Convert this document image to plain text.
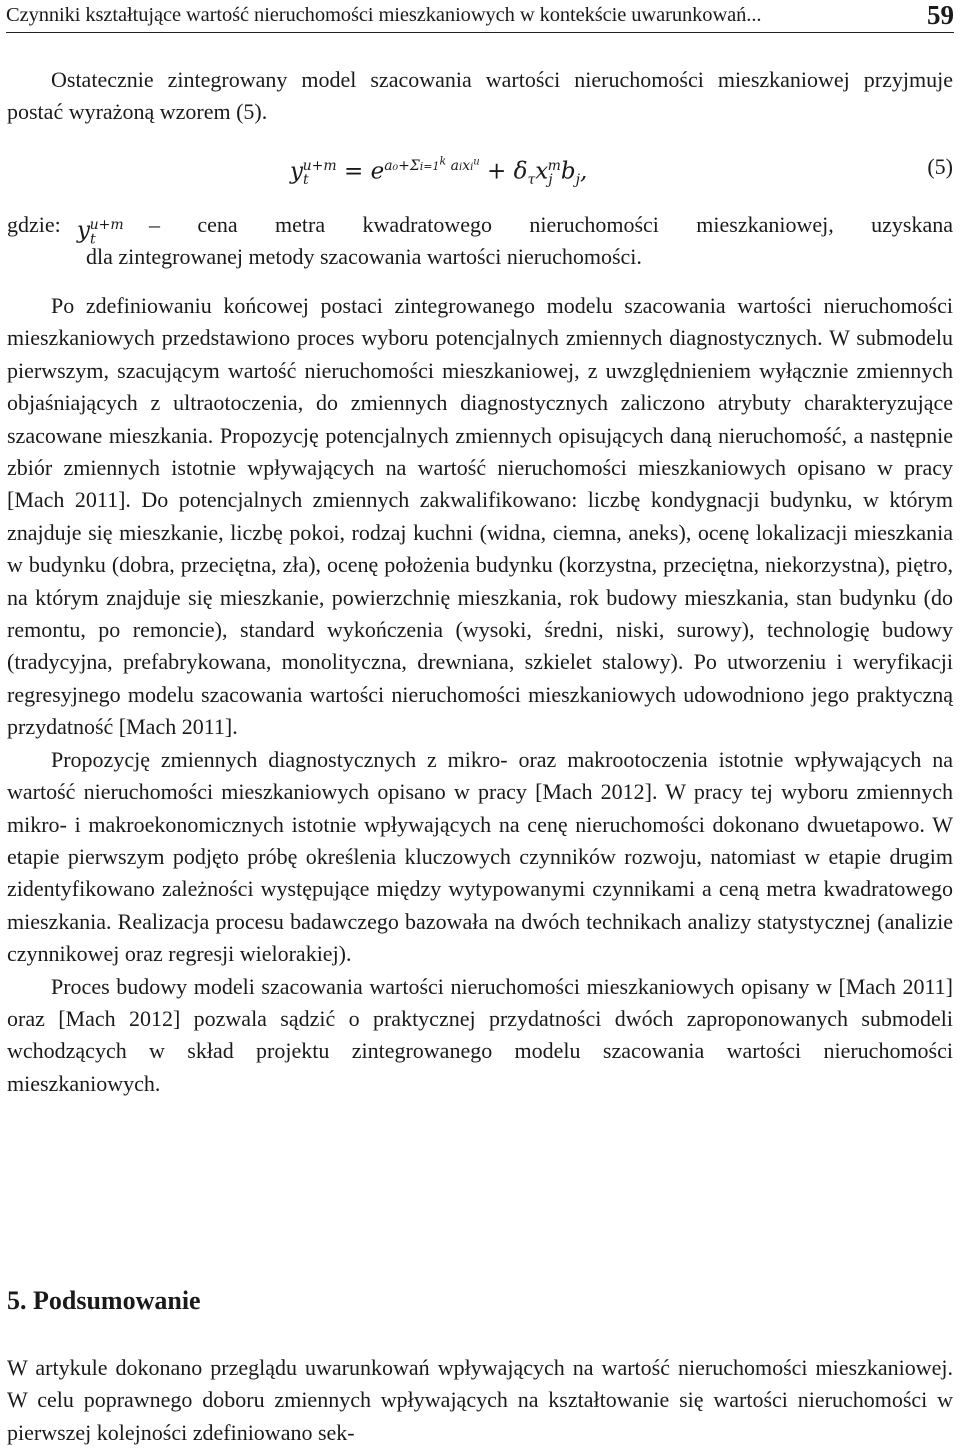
Czynniki kształtujące wartość nieruchomości mieszkaniowych w kontekście uwarunkowań...	59

Ostatecznie zintegrowany model szacowania wartości nieruchomości mieszkaniowej przyjmuje postać wyrażoną wzorem (5).

$y_t^{u+m} = e^{a_0+\Sigma i=1^k aixi^u} + \delta_\tau x_j^mb_j$,	(5)
gdzie: $y_t^{u+m}$ – cena metra kwadratowego nieruchomości mieszkaniowej, uzyskana
dla zintegrowanej metody szacowania wartości nieruchomości.

Po zdefiniowaniu końcowej postaci zintegrowanego modelu szacowania wartości nieruchomości mieszkaniowych przedstawiono proces wyboru potencjalnych zmiennych diagnostycznych. W submodelu pierwszym, szacującym wartość nieruchomości mieszkaniowej, z uwzględnieniem wyłącznie zmiennych objaśniających z ultraotoczenia, do zmiennych diagnostycznych zaliczono atrybuty charakteryzujące szacowane mieszkania. Propozycję potencjalnych zmiennych opisujących daną nieruchomość, a następnie zbiór zmiennych istotnie wpływających na wartość nieruchomości mieszkaniowych opisano w pracy [Mach 2011]. Do potencjalnych zmiennych zakwalifikowano: liczbę kondygnacji budynku, w którym znajduje się mieszkanie, liczbę pokoi, rodzaj kuchni (widna, ciemna, aneks), ocenę lokalizacji mieszkania w budynku (dobra, przeciętna, zła), ocenę położenia budynku (korzystna, przeciętna, niekorzystna), piętro, na którym znajduje się mieszkanie, powierzchnię mieszkania, rok budowy mieszkania, stan budynku (do remontu, po remoncie), standard wykończenia (wysoki, średni, niski, surowy), technologię budowy (tradycyjna, prefabrykowana, monolityczna, drewniana, szkielet stalowy). Po utworzeniu i weryfikacji regresyjnego modelu szacowania wartości nieruchomości mieszkaniowych udowodniono jego praktyczną przydatność [Mach 2011].

Propozycję zmiennych diagnostycznych z mikro- oraz makrootoczenia istotnie wpływających na wartość nieruchomości mieszkaniowych opisano w pracy [Mach 2012]. W pracy tej wyboru zmiennych mikro- i makroekonomicznych istotnie wpływających na cenę nieruchomości dokonano dwuetapowo. W etapie pierwszym podjęto próbę określenia kluczowych czynników rozwoju, natomiast w etapie drugim zidentyfikowano zależności występujące między wytypowanymi czynnikami a ceną metra kwadratowego mieszkania. Realizacja procesu badawczego bazowała na dwóch technikach analizy statystycznej (analizie czynnikowej oraz regresji wielorakiej).

Proces budowy modeli szacowania wartości nieruchomości mieszkaniowych opisany w [Mach 2011] oraz [Mach 2012] pozwala sądzić o praktycznej przydatności dwóch zaproponowanych submodeli wchodzących w skład projektu zintegrowanego modelu szacowania wartości nieruchomości mieszkaniowych.

5. Podsumowanie

W artykule dokonano przeglądu uwarunkowań wpływających na wartość nieruchomości mieszkaniowej. W celu poprawnego doboru zmiennych wpływających na kształtowanie się wartości nieruchomości w pierwszej kolejności zdefiniowano sek-
